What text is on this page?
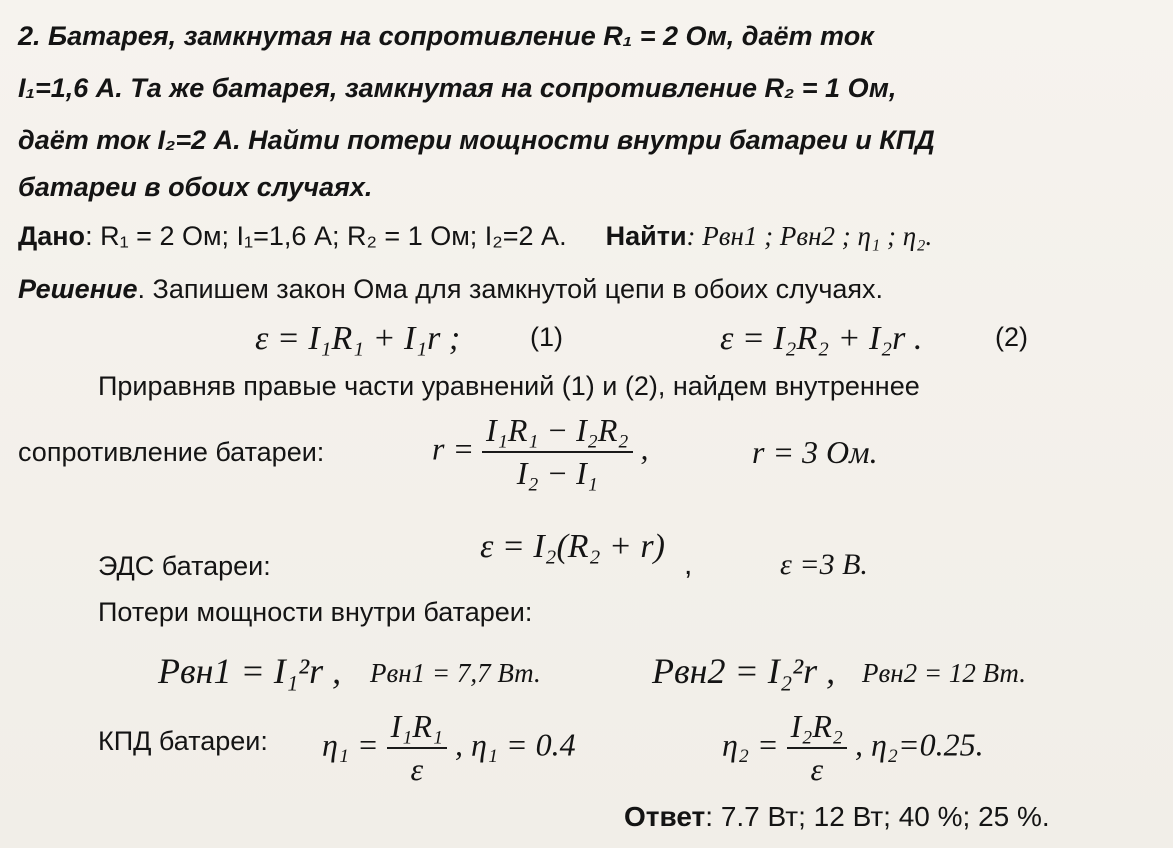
2. Батарея, замкнутая на сопротивление R₁ = 2 Ом, даёт ток
I₁=1,6 А. Та же батарея, замкнутая на сопротивление R₂ = 1 Ом,
даёт ток I₂=2 А. Найти потери мощности внутри батареи и КПД
батареи в обоих случаях.
Дано: R₁ = 2 Ом; I₁=1,6 А; R₂ = 1 Ом; I₂=2 А. Найти: Pвн1 ; Pвн2 ; η₁ ; η₂.
Решение. Запишем закон Ома для замкнутой цепи в обоих случаях.
ε = I₁R₁ + I₁r ;	(1)	ε = I₂R₂ + I₂r .	(2)
Приравняв правые части уравнений (1) и (2), найдем внутреннее
сопротивление батареи:	$r = \frac{\text{I₁R₁ − I₂R₂}}{\text{I₂ − I₁}}$ ,	r = 3 Ом.
ЭДС батареи:
ε = I₂(R₂ + r) ,	ε =3 В.
Потери мощности внутри батареи:
Pвн1 = I₁²r , Pвн1 = 7,7 Вт.	Pвн2 = I₂²r , Pвн2 = 12 Вт.
КПД батареи: $\eta_1 = \frac{\text{I₁R₁}}{\varepsilon}$ , η₁ = 0.4	$\eta_2 = \frac{\text{I₂R₂}}{\varepsilon}$ , η₂=0.25.
Ответ: 7.7 Вт; 12 Вт; 40 %; 25 %.
